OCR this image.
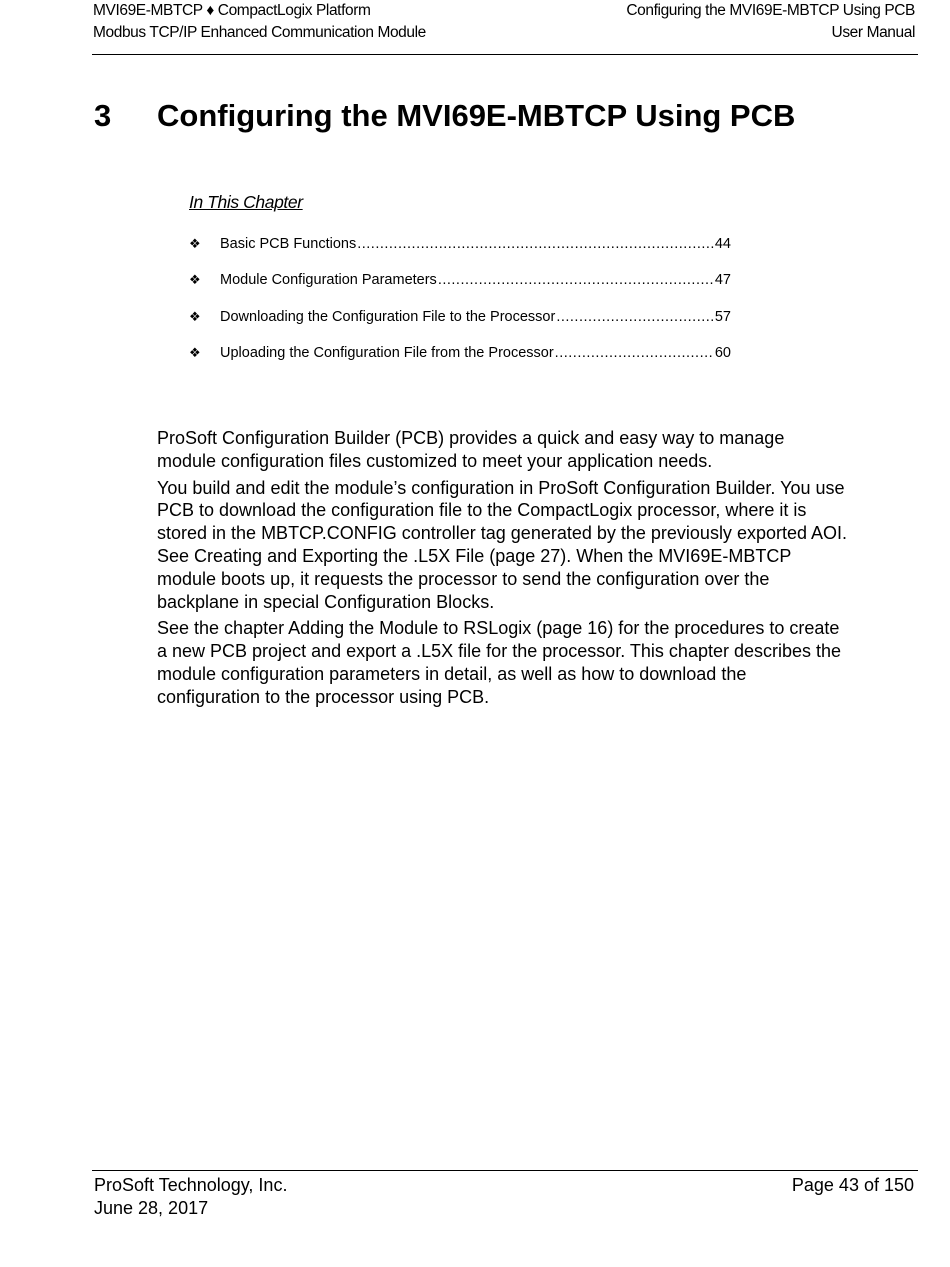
MVI69E-MBTCP ♦ CompactLogix Platform
Modbus TCP/IP Enhanced Communication Module
Configuring the MVI69E-MBTCP Using PCB
User Manual
3 Configuring the MVI69E-MBTCP Using PCB
In This Chapter
❖	Basic PCB Functions .....	44
❖	Module Configuration Parameters .....	47
❖	Downloading the Configuration File to the Processor .....	57
❖	Uploading the Configuration File from the Processor .....	60

ProSoft Configuration Builder (PCB) provides a quick and easy way to manage module configuration files customized to meet your application needs.

You build and edit the module’s configuration in ProSoft Configuration Builder. You use PCB to download the configuration file to the CompactLogix processor, where it is stored in the MBTCP.CONFIG controller tag generated by the previously exported AOI. See Creating and Exporting the .L5X File (page 27). When the MVI69E-MBTCP module boots up, it requests the processor to send the configuration over the backplane in special Configuration Blocks.

See the chapter Adding the Module to RSLogix (page 16) for the procedures to create a new PCB project and export a .L5X file for the processor. This chapter describes the module configuration parameters in detail, as well as how to download the configuration to the processor using PCB.

ProSoft Technology, Inc.
June 28, 2017
Page 43 of 150
